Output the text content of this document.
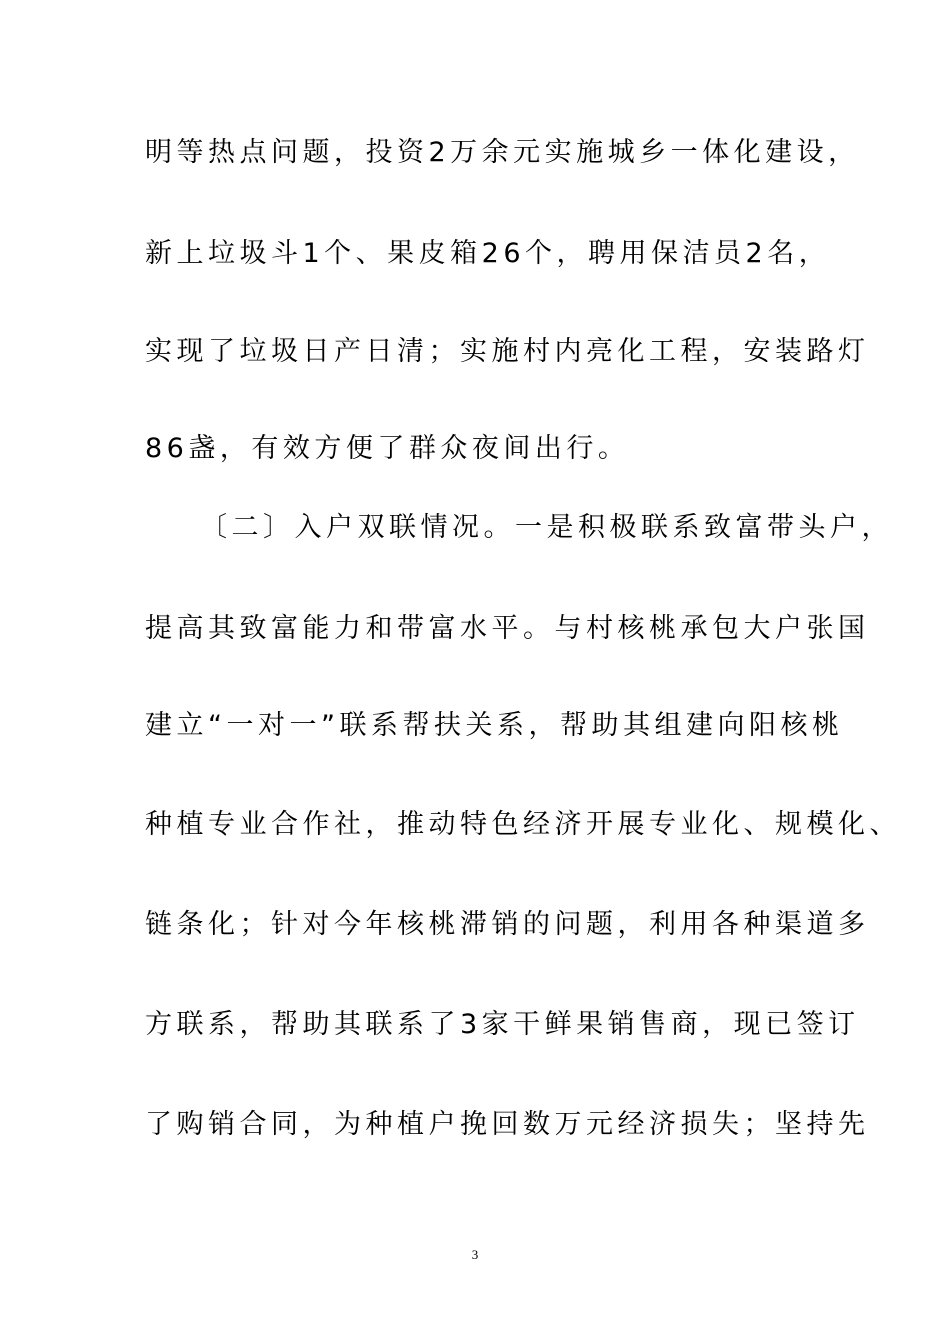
明等热点问题，投资2万余元实施城乡一体化建设，
新上垃圾斗1个、果皮箱26个，聘用保洁员2名，
实现了垃圾日产日清；实施村内亮化工程，安装路灯
86盏，有效方便了群众夜间出行。
〔二〕入户双联情况。一是积极联系致富带头户，
提高其致富能力和带富水平。与村核桃承包大户张国
建立“一对一”联系帮扶关系，帮助其组建向阳核桃
种植专业合作社，推动特色经济开展专业化、规模化、
链条化；针对今年核桃滞销的问题，利用各种渠道多
方联系，帮助其联系了3家干鲜果销售商，现已签订
了购销合同，为种植户挽回数万元经济损失；坚持先
3
